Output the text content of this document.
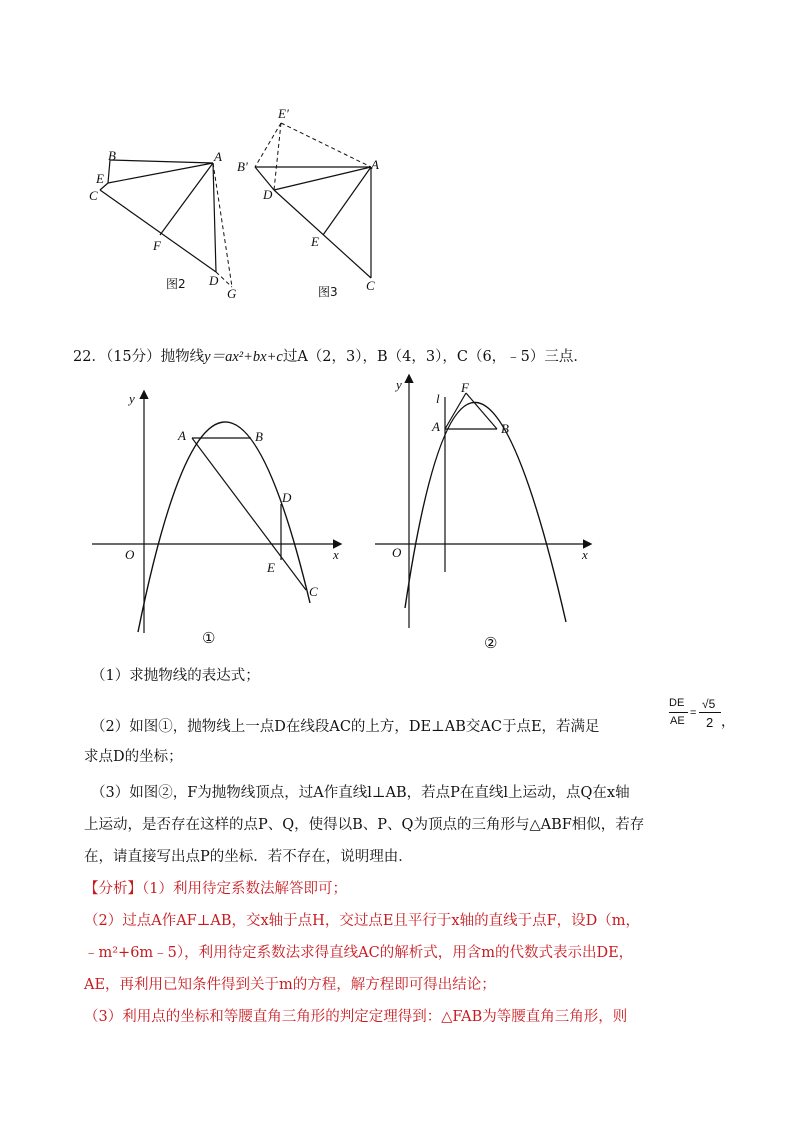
B
E
C
A
F
D
G
图2
E′
B′	A
D
E
C
图3
22．（15分）抛物线y＝ax²+bx+c过A（2，3），B（4，3），C（6，﹣5）三点．
y
x
O
A	B
D
E
C
①
y
x
O
l
F
A	B
②
（1）求抛物线的表达式；
（2）如图①，抛物线上一点D在线段AC的上方，DE⊥AB交AC于点E，若满足
DE
AE
=
√5
2 ，
求点D的坐标；
（3）如图②，F为抛物线顶点，过A作直线l⊥AB，若点P在直线l上运动，点Q在x轴
上运动，是否存在这样的点P、Q，使得以B、P、Q为顶点的三角形与△ABF相似，若存
在，请直接写出点P的坐标．若不存在，说明理由．
【分析】（1）利用待定系数法解答即可；
（2）过点A作AF⊥AB，交x轴于点H，交过点E且平行于x轴的直线于点F，设D（m，
﹣m²+6m﹣5），利用待定系数法求得直线AC的解析式，用含m的代数式表示出DE，
AE，再利用已知条件得到关于m的方程，解方程即可得出结论；
（3）利用点的坐标和等腰直角三角形的判定定理得到：△FAB为等腰直角三角形，则
